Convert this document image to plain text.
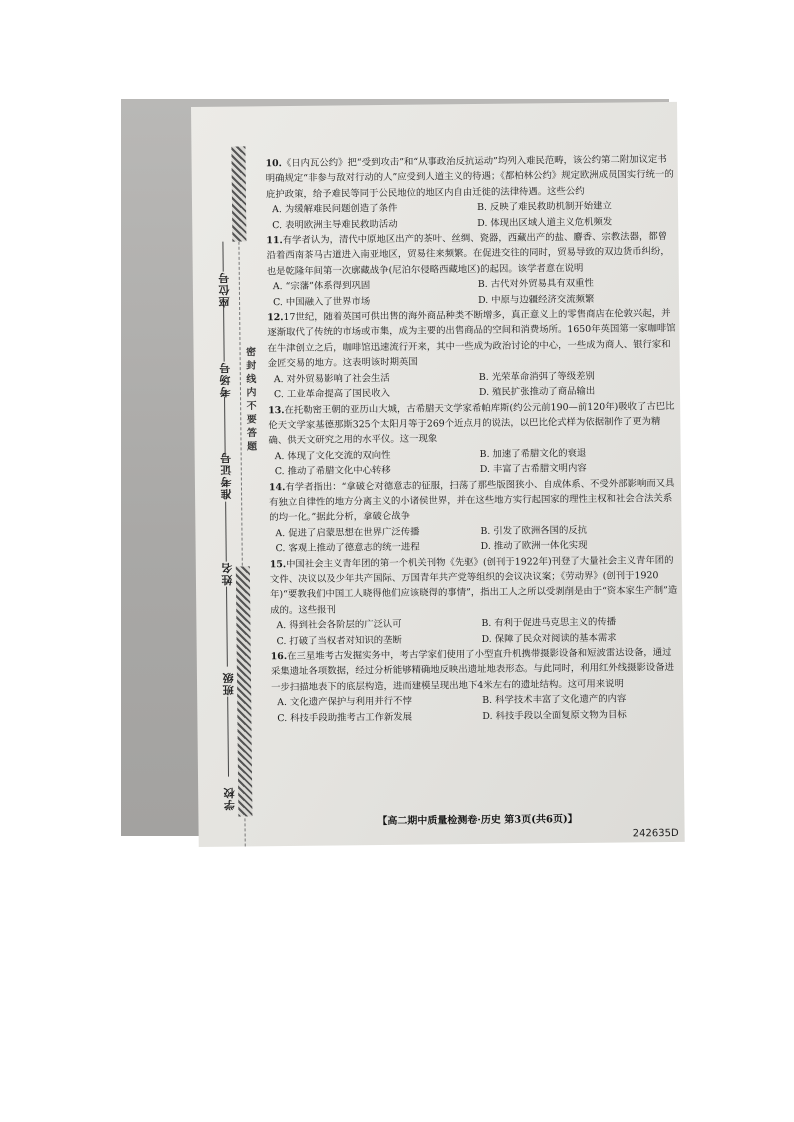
座位号
考场号
准考证号
姓名
班级
学校
密 封 线 内 不 要 答 题

10.《日内瓦公约》把“受到攻击”和“从事政治反抗运动”均列入难民范畴，该公约第二附加议定书明确规定“非参与敌对行动的人”应受到人道主义的待遇；《都柏林公约》规定欧洲成员国实行统一的庇护政策，给予难民等同于公民地位的地区内自由迁徙的法律待遇。这些公约

A. 为缓解难民问题创造了条件	B. 反映了难民救助机制开始建立
C. 表明欧洲主导难民救助活动	D. 体现出区域人道主义危机频发

11.有学者认为，清代中原地区出产的茶叶、丝绸、瓷器，西藏出产的盐、麝香、宗教法器，都曾沿着西南茶马古道进入南亚地区，贸易往来频繁。在促进交往的同时，贸易导致的双边货币纠纷，也是乾隆年间第一次廓藏战争(尼泊尔侵略西藏地区)的起因。该学者意在说明

A. “宗藩”体系得到巩固	B. 古代对外贸易具有双重性
C. 中国融入了世界市场	D. 中原与边疆经济交流频繁

12.17世纪，随着英国可供出售的海外商品种类不断增多，真正意义上的零售商店在伦敦兴起，并逐渐取代了传统的市场或市集，成为主要的出售商品的空间和消费场所。1650年英国第一家咖啡馆在牛津创立之后，咖啡馆迅速流行开来，其中一些成为政治讨论的中心，一些成为商人、银行家和金匠交易的地方。这表明该时期英国

A. 对外贸易影响了社会生活	B. 光荣革命消弭了等级差别
C. 工业革命提高了国民收入	D. 殖民扩张推动了商品输出

13.在托勒密王朝的亚历山大城，古希腊天文学家希帕库斯(约公元前190—前120年)吸收了古巴比伦天文学家基德那斯325个太阳月等于269个近点月的说法，以巴比伦式样为依据制作了更为精确、供天文研究之用的水平仪。这一现象

A. 体现了文化交流的双向性	B. 加速了希腊文化的衰退
C. 推动了希腊文化中心转移	D. 丰富了古希腊文明内容

14.有学者指出：“拿破仑对德意志的征服，扫荡了那些版图狭小、自成体系、不受外部影响而又具有独立自律性的地方分离主义的小诸侯世界，并在这些地方实行起国家的理性主权和社会合法关系的均一化。”据此分析，拿破仑战争

A. 促进了启蒙思想在世界广泛传播	B. 引发了欧洲各国的反抗
C. 客观上推动了德意志的统一进程	D. 推动了欧洲一体化实现

15.中国社会主义青年团的第一个机关刊物《先驱》(创刊于1922年)刊登了大量社会主义青年团的文件、决议以及少年共产国际、万国青年共产党等组织的会议决议案；《劳动界》(创刊于1920年)“要教我们中国工人晓得他们应该晓得的事情”，指出工人之所以受剥削是由于“资本家生产制”造成的。这些报刊

A. 得到社会各阶层的广泛认可	B. 有利于促进马克思主义的传播
C. 打破了当权者对知识的垄断	D. 保障了民众对阅读的基本需求

16.在三星堆考古发掘实务中，考古学家们使用了小型直升机携带摄影设备和短波雷达设备，通过采集遗址各项数据，经过分析能够精确地反映出遗址地表形态。与此同时，利用红外线摄影设备进一步扫描地表下的底层构造，进而建模呈现出地下4米左右的遗址结构。这可用来说明

A. 文化遗产保护与利用并行不悖	B. 科学技术丰富了文化遗产的内容
C. 科技手段助推考古工作新发展	D. 科技手段以全面复原文物为目标
【高二期中质量检测卷·历史 第3页(共6页)】
242635D
